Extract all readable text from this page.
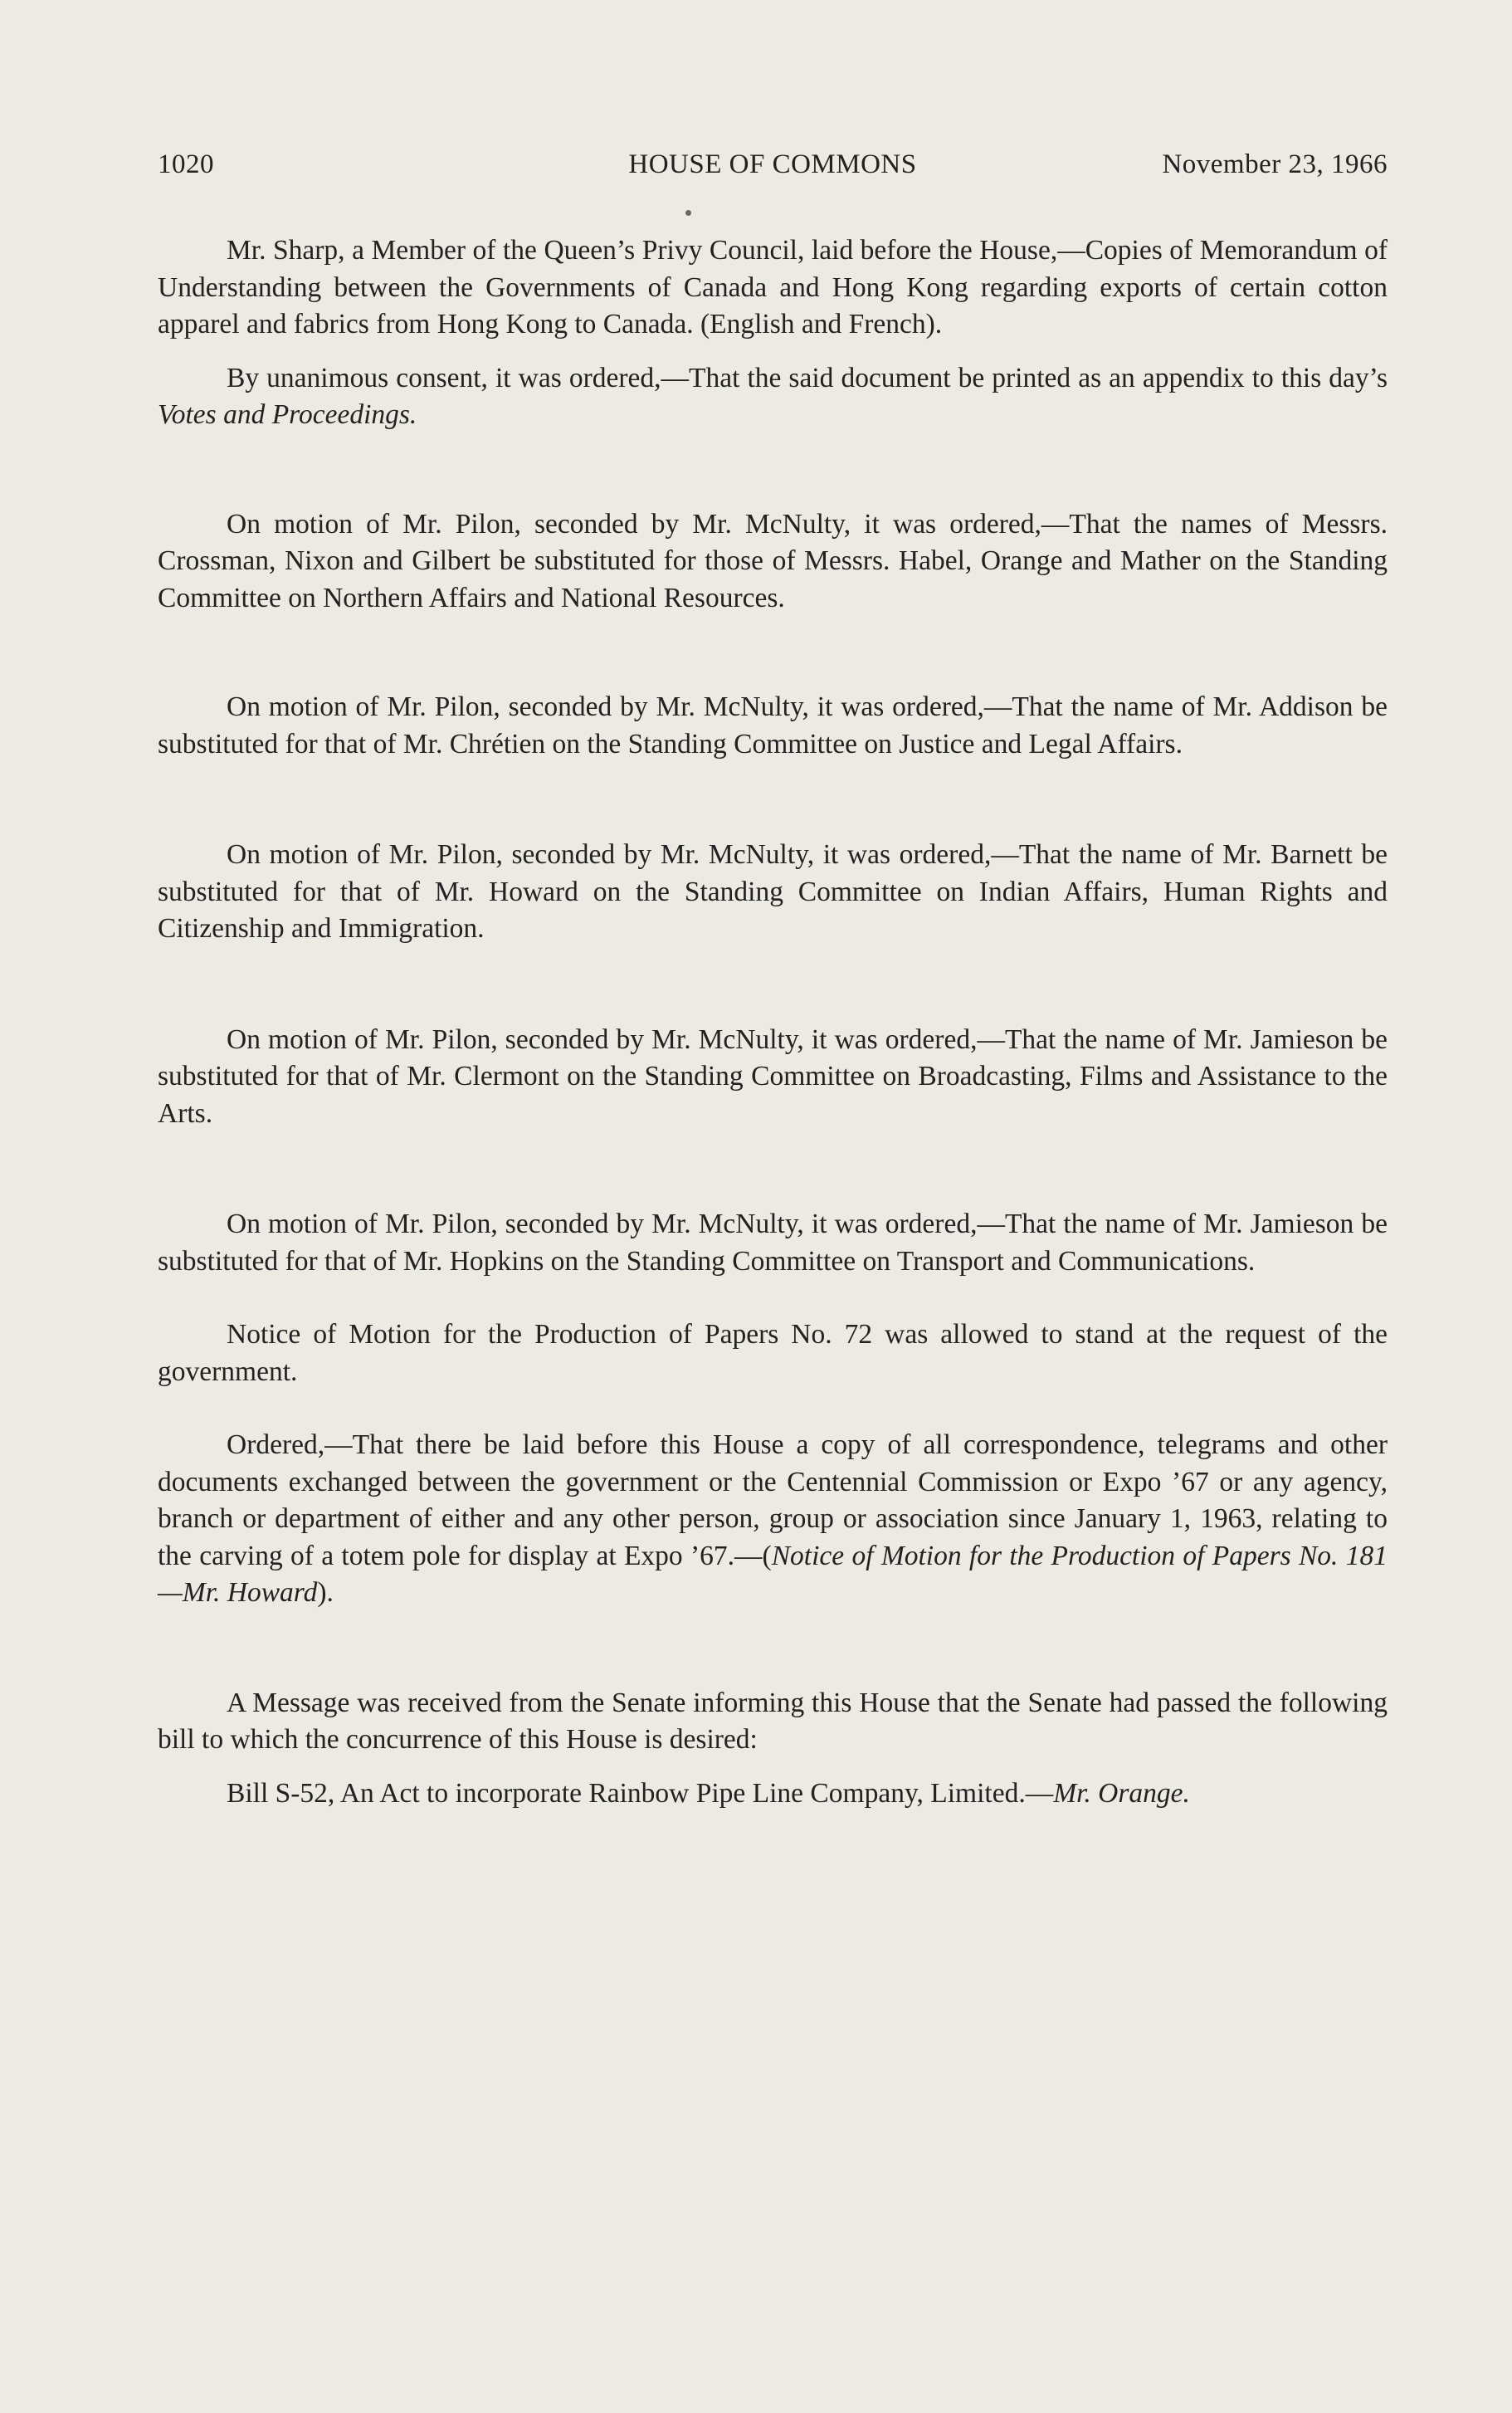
1020	HOUSE OF COMMONS	November 23, 1966

Mr. Sharp, a Member of the Queen’s Privy Council, laid before the House,—Copies of Memorandum of Understanding between the Governments of Canada and Hong Kong regarding exports of certain cotton apparel and fabrics from Hong Kong to Canada. (English and French).

By unanimous consent, it was ordered,—That the said document be printed as an appendix to this day’s Votes and Proceedings.

On motion of Mr. Pilon, seconded by Mr. McNulty, it was ordered,—That the names of Messrs. Crossman, Nixon and Gilbert be substituted for those of Messrs. Habel, Orange and Mather on the Standing Committee on Northern Affairs and National Resources.

On motion of Mr. Pilon, seconded by Mr. McNulty, it was ordered,—That the name of Mr. Addison be substituted for that of Mr. Chrétien on the Standing Committee on Justice and Legal Affairs.

On motion of Mr. Pilon, seconded by Mr. McNulty, it was ordered,—That the name of Mr. Barnett be substituted for that of Mr. Howard on the Standing Committee on Indian Affairs, Human Rights and Citizenship and Immigration.

On motion of Mr. Pilon, seconded by Mr. McNulty, it was ordered,—That the name of Mr. Jamieson be substituted for that of Mr. Clermont on the Standing Committee on Broadcasting, Films and Assistance to the Arts.

On motion of Mr. Pilon, seconded by Mr. McNulty, it was ordered,—That the name of Mr. Jamieson be substituted for that of Mr. Hopkins on the Standing Committee on Transport and Communications.

Notice of Motion for the Production of Papers No. 72 was allowed to stand at the request of the government.

Ordered,—That there be laid before this House a copy of all correspondence, telegrams and other documents exchanged between the government or the Centennial Commission or Expo ’67 or any agency, branch or department of either and any other person, group or association since January 1, 1963, relating to the carving of a totem pole for display at Expo ’67.—(Notice of Motion for the Production of Papers No. 181—Mr. Howard).

A Message was received from the Senate informing this House that the Senate had passed the following bill to which the concurrence of this House is desired:

Bill S-52, An Act to incorporate Rainbow Pipe Line Company, Limited.—Mr. Orange.
